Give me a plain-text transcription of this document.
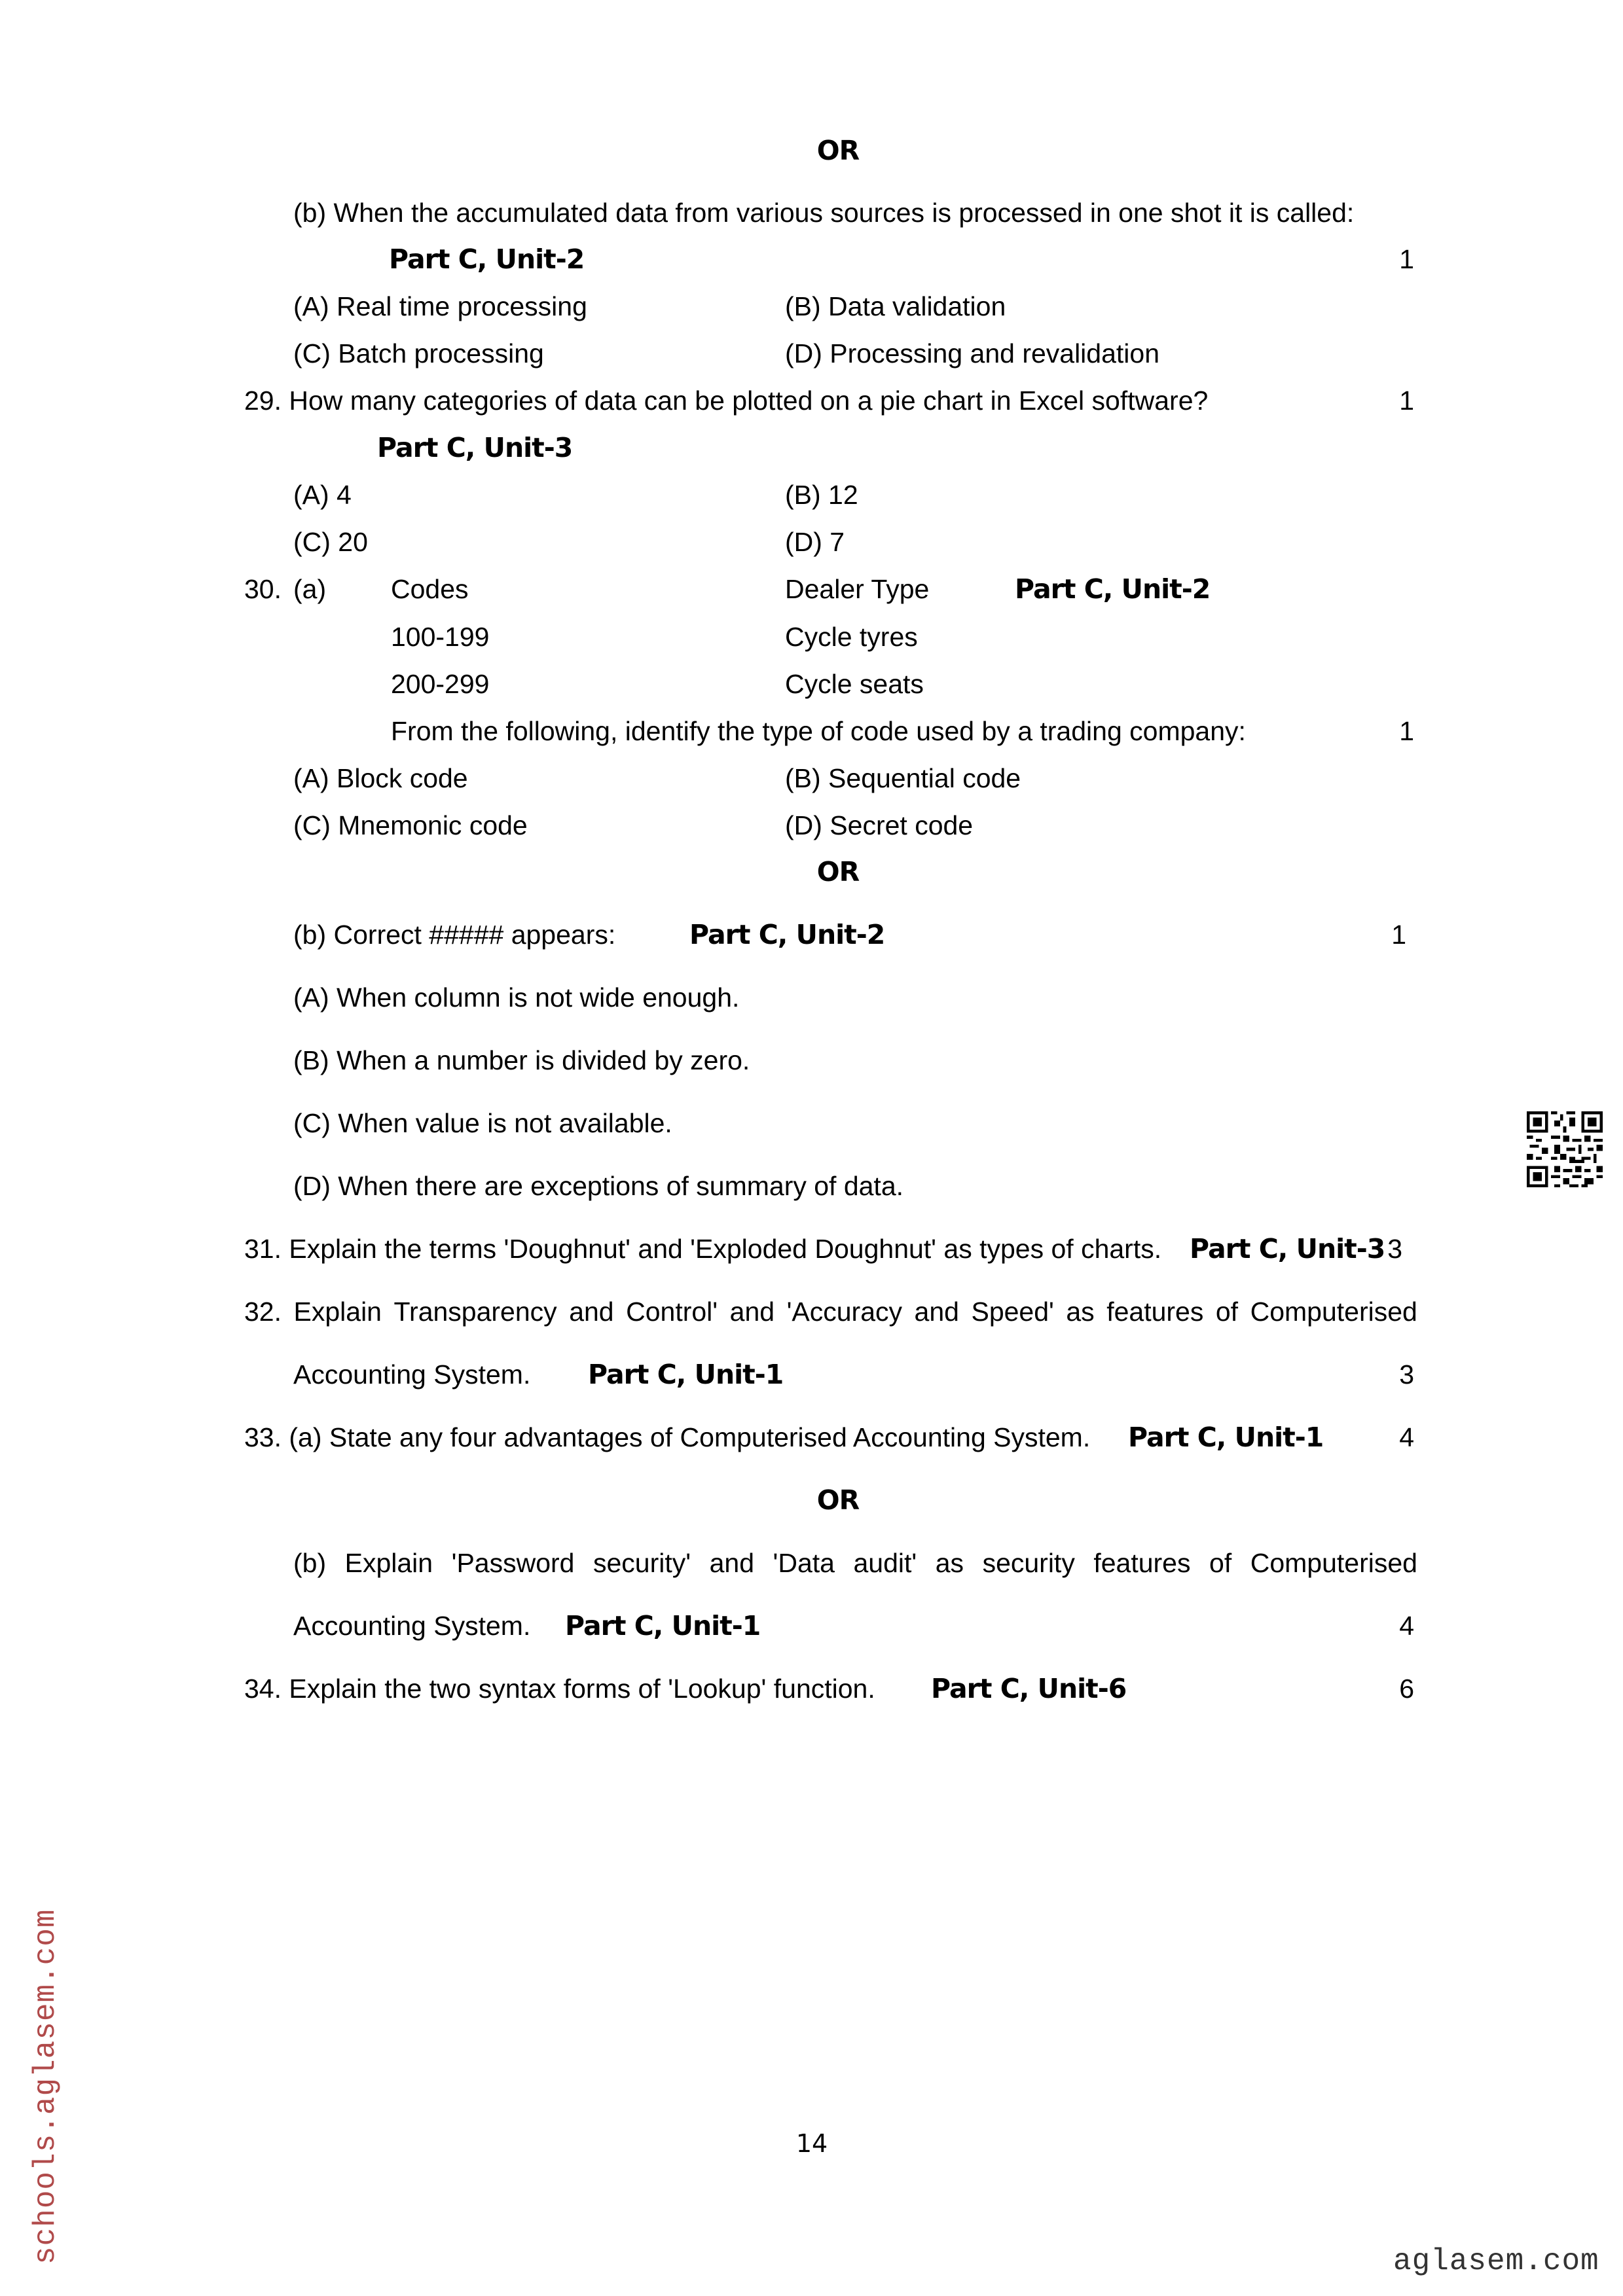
OR
(b) When the accumulated data from various sources is processed in one shot it is called:
Part C, Unit-2	1
(A) Real time processing	(B) Data validation
(C) Batch processing	(D) Processing and revalidation
29. How many categories of data can be plotted on a pie chart in Excel software?	1
Part C, Unit-3
(A) 4	(B) 12
(C) 20	(D) 7
30. (a) Codes	Dealer Type	Part C, Unit-2
100-199	Cycle tyres
200-299	Cycle seats
From the following, identify the type of code used by a trading company:	1
(A) Block code	(B) Sequential code
(C) Mnemonic code	(D) Secret code
OR
(b) Correct ##### appears:	Part C, Unit-2	1
(A) When column is not wide enough.
(B) When a number is divided by zero.
(C) When value is not available.
(D) When there are exceptions of summary of data.
31. Explain the terms 'Doughnut' and 'Exploded Doughnut' as types of charts. Part C, Unit-3 3
32. Explain Transparency and Control' and 'Accuracy and Speed' as features of Computerised
Accounting System. Part C, Unit-1	3
33. (a) State any four advantages of Computerised Accounting System. Part C, Unit-1	4
OR
(b) Explain 'Password security' and 'Data audit' as security features of Computerised
Accounting System. Part C, Unit-1	4
34. Explain the two syntax forms of 'Lookup' function. Part C, Unit-6	6
14
schools.aglasem.com	aglasem.com
